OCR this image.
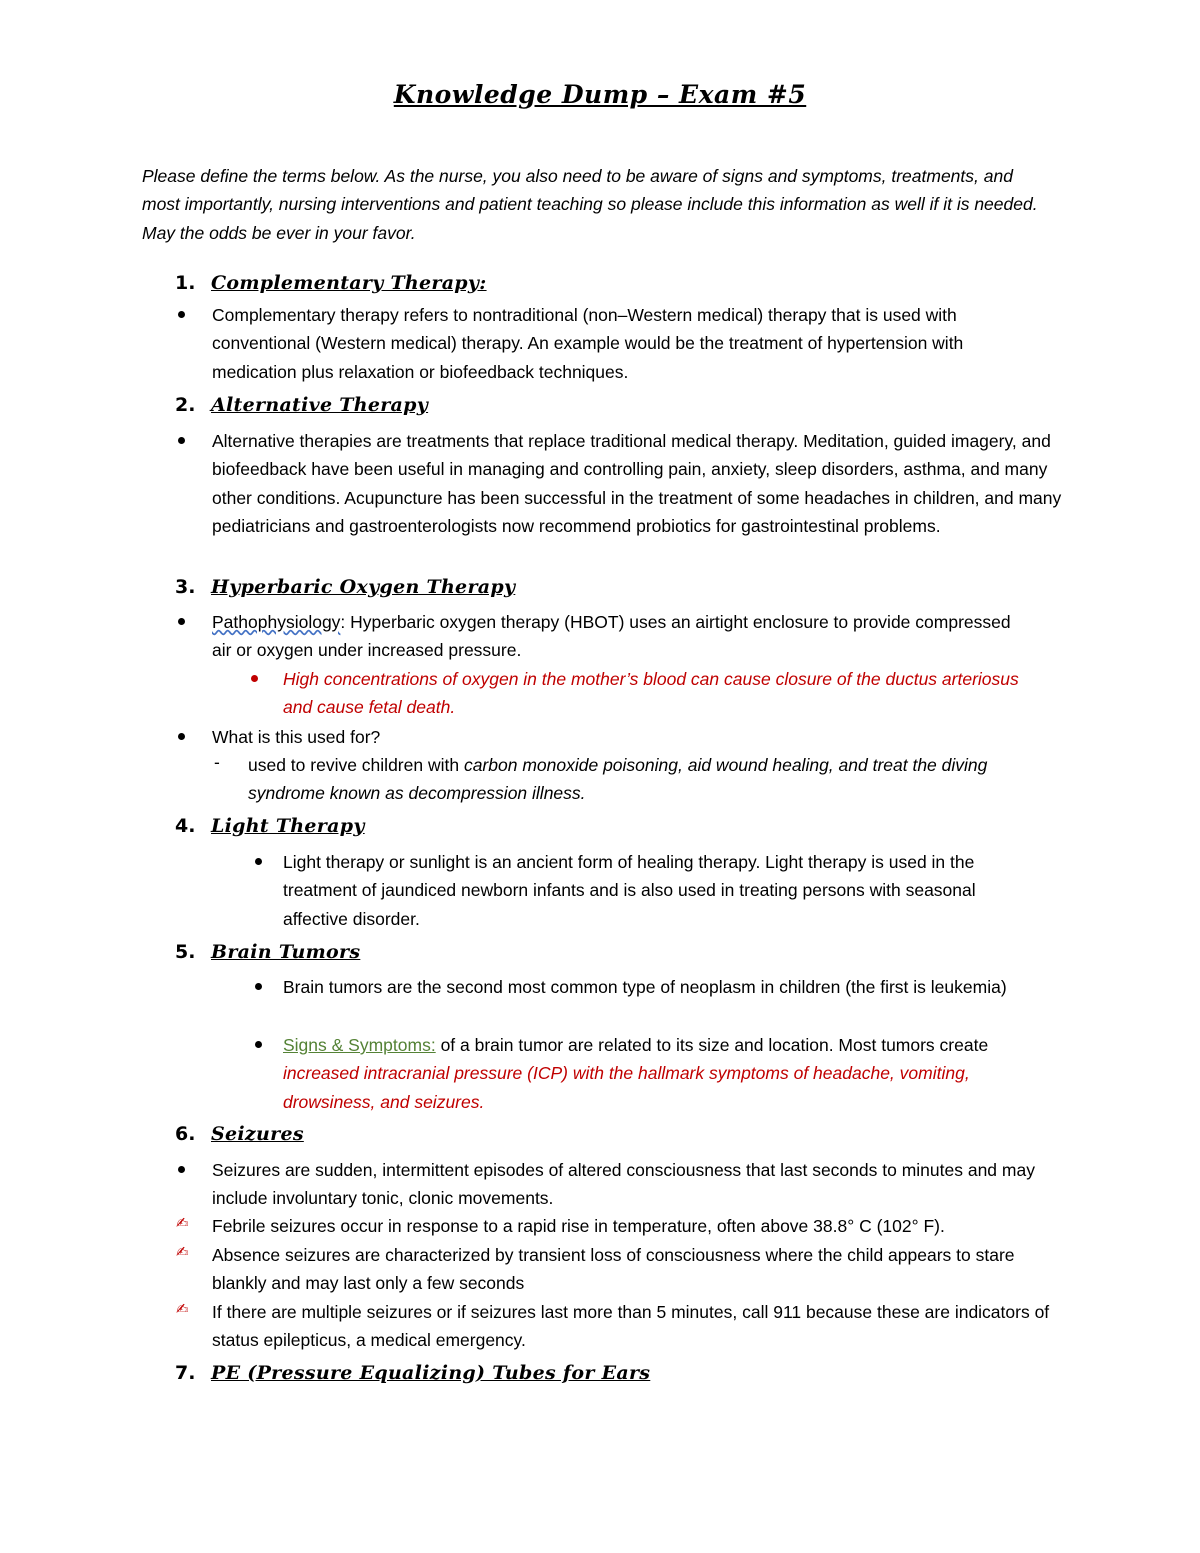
Knowledge Dump – Exam #5
Please define the terms below. As the nurse, you also need to be aware of signs and symptoms, treatments, and most importantly, nursing interventions and patient teaching so please include this information as well if it is needed. May the odds be ever in your favor.
1. Complementary Therapy:
Complementary therapy refers to nontraditional (non–Western medical) therapy that is used with conventional (Western medical) therapy. An example would be the treatment of hypertension with medication plus relaxation or biofeedback techniques.
2. Alternative Therapy
Alternative therapies are treatments that replace traditional medical therapy. Meditation, guided imagery, and biofeedback have been useful in managing and controlling pain, anxiety, sleep disorders, asthma, and many other conditions. Acupuncture has been successful in the treatment of some headaches in children, and many pediatricians and gastroenterologists now recommend probiotics for gastrointestinal problems.
3. Hyperbaric Oxygen Therapy
Pathophysiology: Hyperbaric oxygen therapy (HBOT) uses an airtight enclosure to provide compressed air or oxygen under increased pressure.
High concentrations of oxygen in the mother’s blood can cause closure of the ductus arteriosus and cause fetal death.
What is this used for?
- used to revive children with carbon monoxide poisoning, aid wound healing, and treat the diving syndrome known as decompression illness.
4. Light Therapy
Light therapy or sunlight is an ancient form of healing therapy. Light therapy is used in the treatment of jaundiced newborn infants and is also used in treating persons with seasonal affective disorder.
5. Brain Tumors
Brain tumors are the second most common type of neoplasm in children (the first is leukemia)
Signs & Symptoms: of a brain tumor are related to its size and location. Most tumors create increased intracranial pressure (ICP) with the hallmark symptoms of headache, vomiting, drowsiness, and seizures.
6. Seizures
Seizures are sudden, intermittent episodes of altered consciousness that last seconds to minutes and may include involuntary tonic, clonic movements.
✍ Febrile seizures occur in response to a rapid rise in temperature, often above 38.8° C (102° F).
✍ Absence seizures are characterized by transient loss of consciousness where the child appears to stare blankly and may last only a few seconds
✍ If there are multiple seizures or if seizures last more than 5 minutes, call 911 because these are indicators of status epilepticus, a medical emergency.
7. PE (Pressure Equalizing) Tubes for Ears
